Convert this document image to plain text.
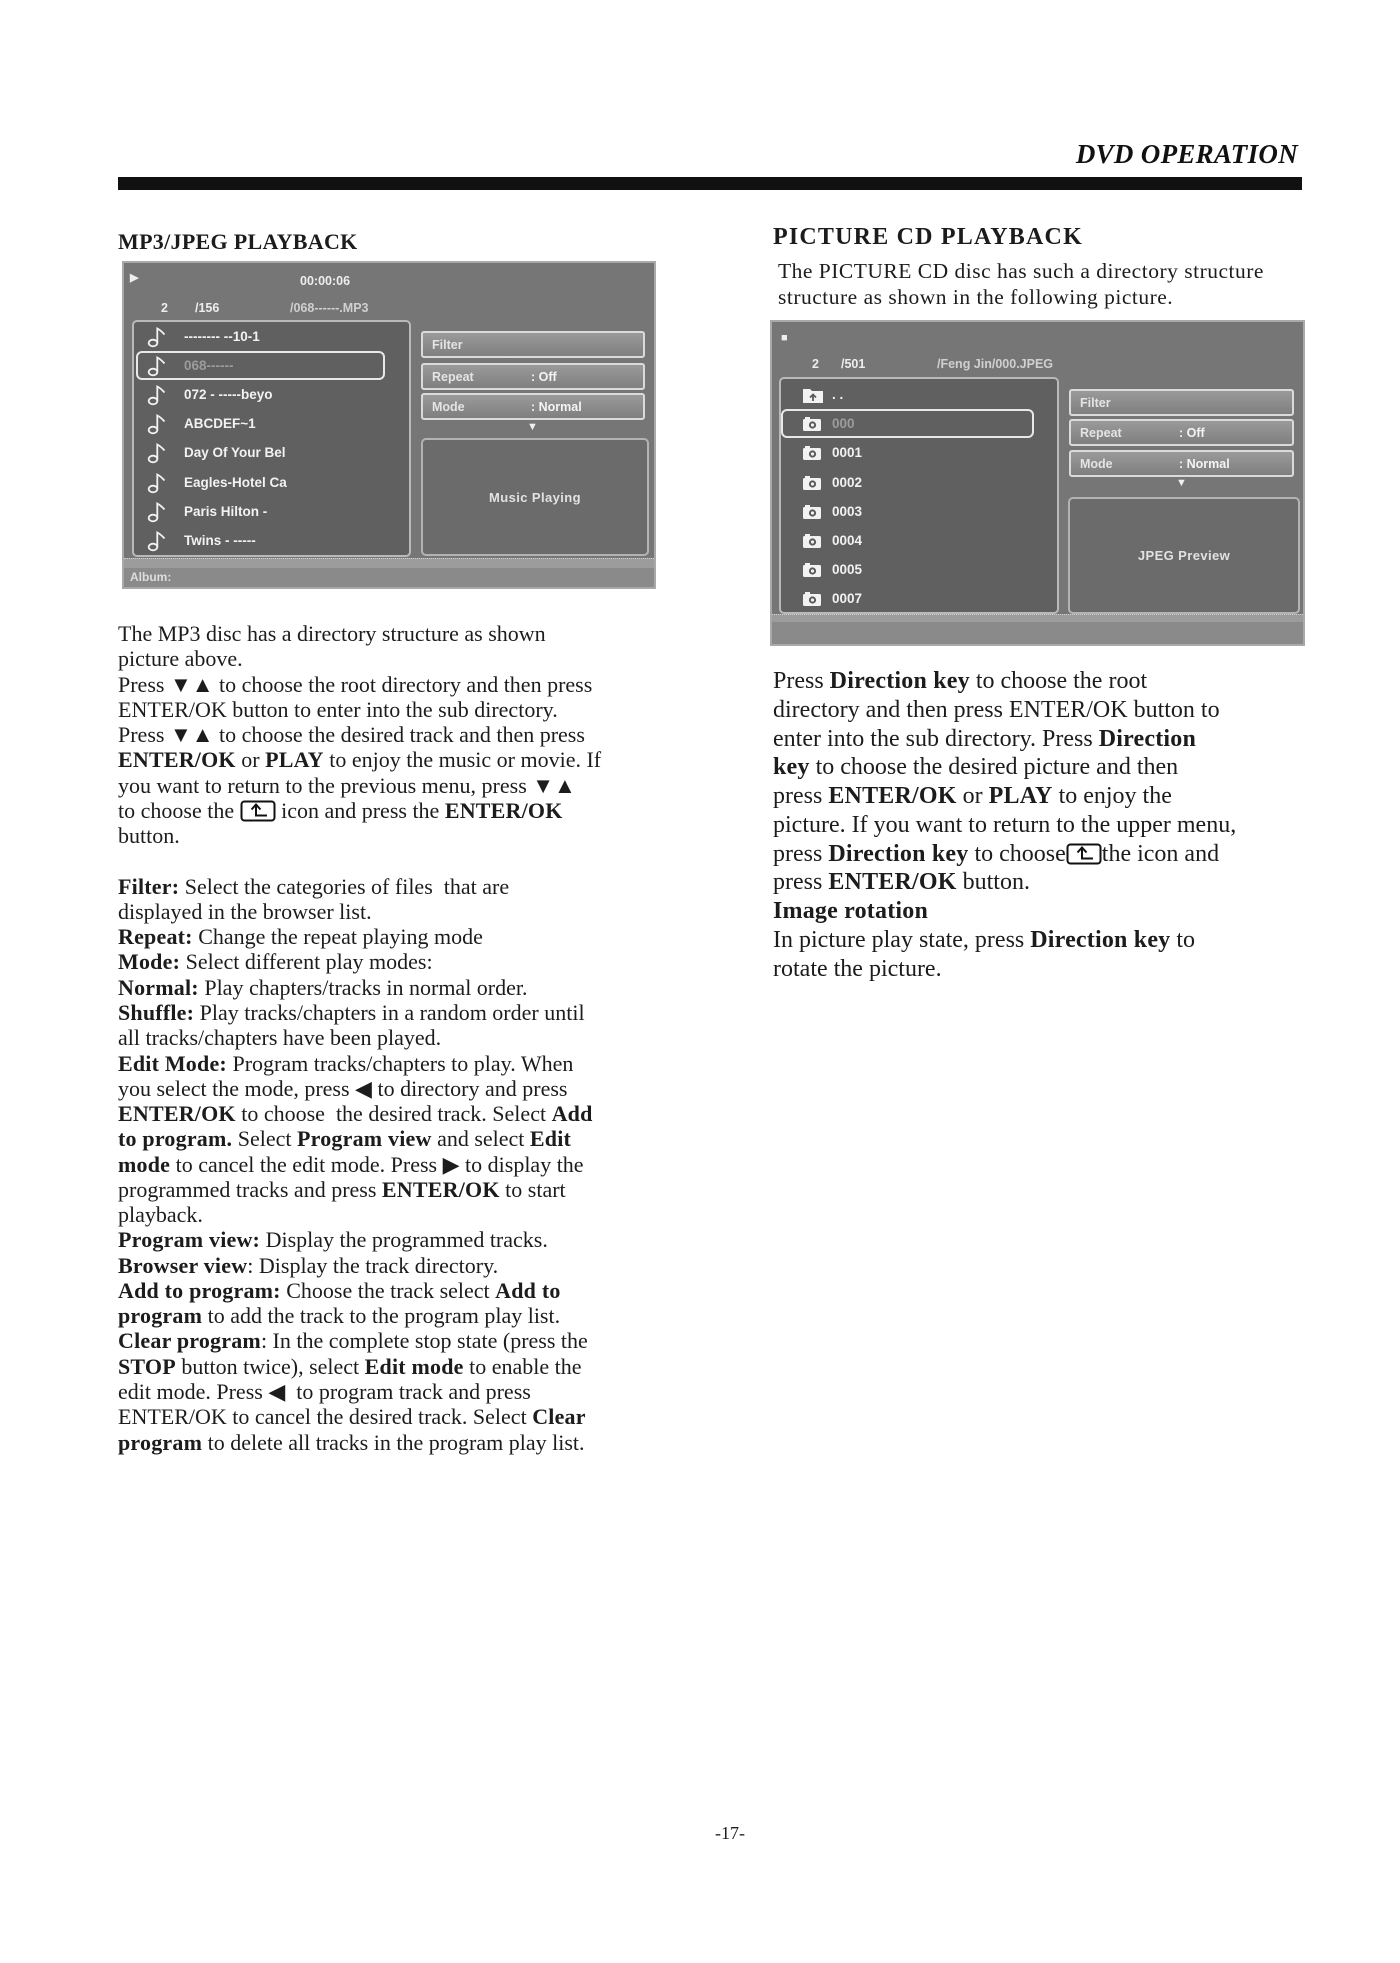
DVD OPERATION
MP3/JPEG PLAYBACK
▶	00:00:06
2 /156	/068------.MP3
Filter
Repeat	: Off
Mode	: Normal
▼
Music Playing
Album:
-------- --10-1
068------
072 - -----beyo
ABCDEF~1
Day Of Your Bel
Eagles-Hotel Ca
Paris Hilton -
Twins - -----
The MP3 disc has a directory structure as shown
picture above.
Press ▼▲ to choose the root directory and then press
ENTER/OK button to enter into the sub directory.
Press ▼▲ to choose the desired track and then press
ENTER/OK or PLAY to enjoy the music or movie. If
you want to return to the previous menu, press ▼▲
to choose the  icon and press the ENTER/OK
button.
Filter: Select the categories of files  that are
displayed in the browser list.
Repeat: Change the repeat playing mode
Mode: Select different play modes:
Normal: Play chapters/tracks in normal order.
Shuffle: Play tracks/chapters in a random order until
all tracks/chapters have been played.
Edit Mode: Program tracks/chapters to play. When
you select the mode, press ◀ to directory and press
ENTER/OK to choose  the desired track. Select Add
to program. Select Program view and select Edit
mode to cancel the edit mode. Press ▶ to display the
programmed tracks and press ENTER/OK to start
playback.
Program view: Display the programmed tracks.
Browser view: Display the track directory.
Add to program: Choose the track select Add to
program to add the track to the program play list.
Clear program: In the complete stop state (press the
STOP button twice), select Edit mode to enable the
edit mode. Press ◀  to program track and press
ENTER/OK to cancel the desired track. Select Clear
program to delete all tracks in the program play list.
PICTURE CD PLAYBACK
The PICTURE CD disc has such a directory structure
structure as shown in the following picture.
■
2 /501	/Feng Jin/000.JPEG
Filter
Repeat	: Off
Mode	: Normal
▼
JPEG Preview
. .
000
0001
0002
0003
0004
0005
0007
Press Direction key to choose the root
directory and then press ENTER/OK button to
enter into the sub directory. Press Direction
key to choose the desired picture and then
press ENTER/OK or PLAY to enjoy the
picture. If you want to return to the upper menu,
press Direction key to choose the icon and
press ENTER/OK button.
Image rotation
In picture play state, press Direction key to
rotate the picture.
-17-
